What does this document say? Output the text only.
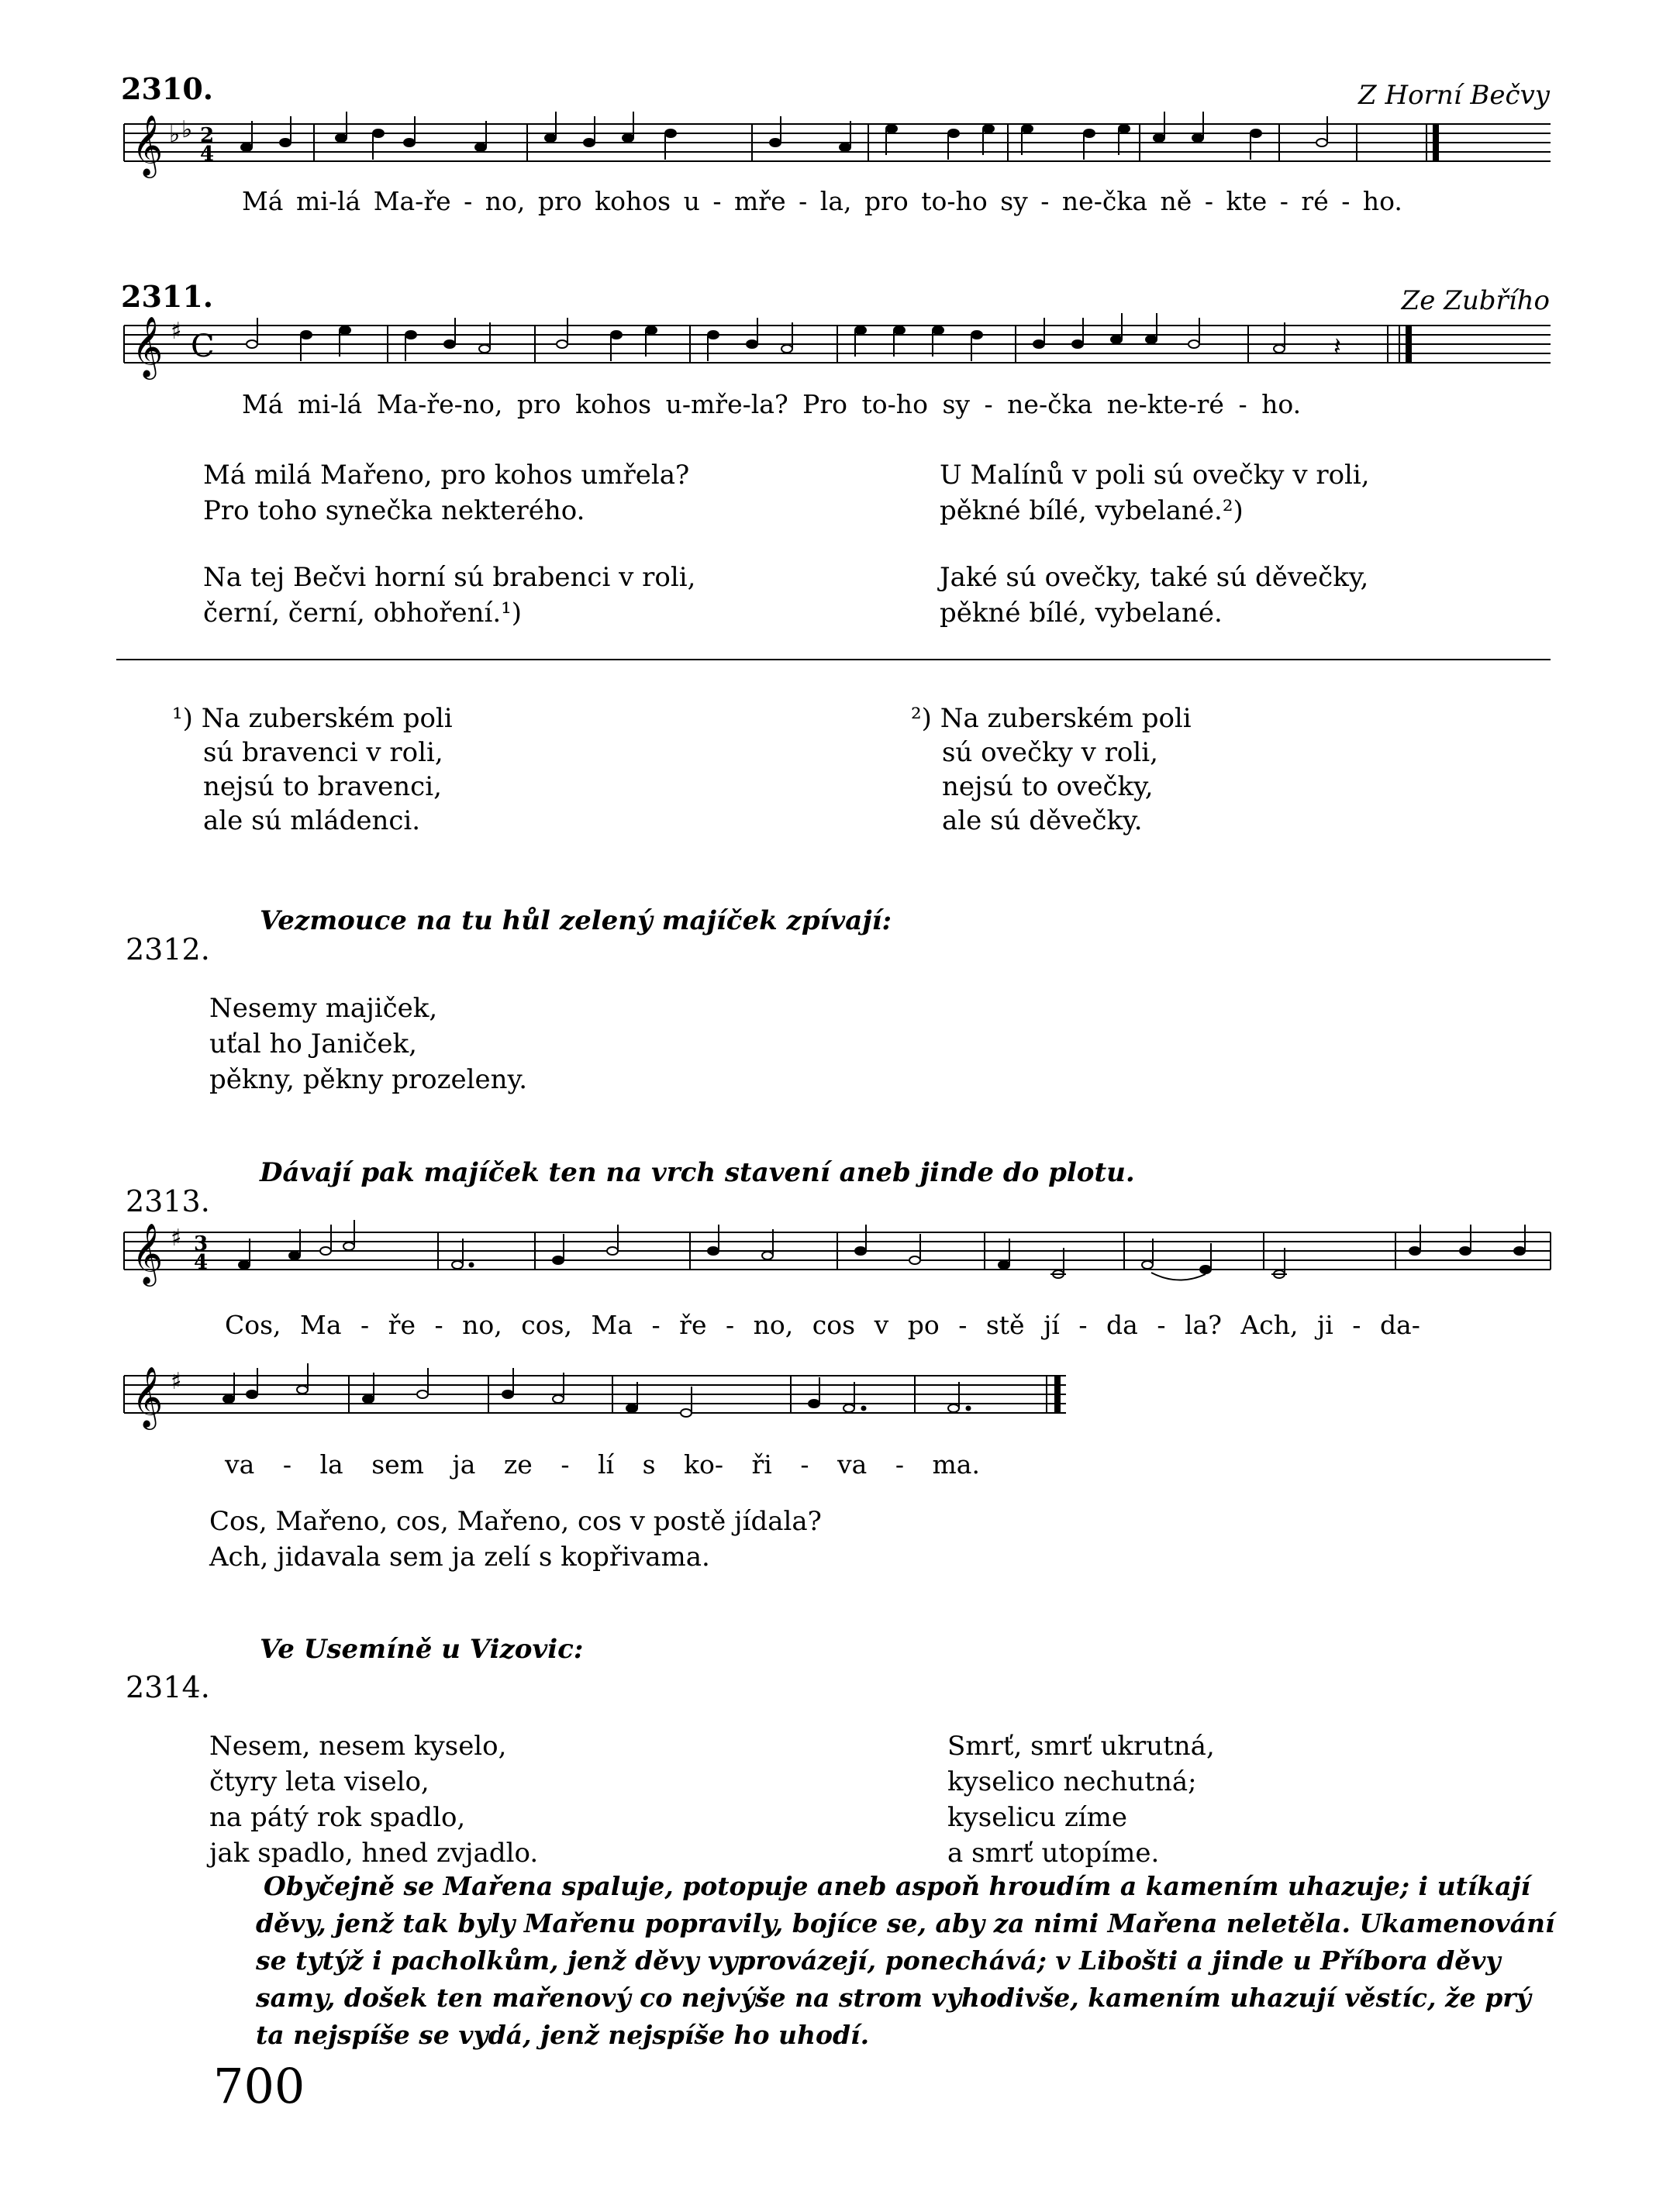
2310.	Z Horní Bečvy
𝄞 ♭ ♭ 2
4
Má mi-lá Ma-ře - no, pro kohos u - mře - la, pro to-ho sy - ne-čka ně - kte - ré - ho.
2311.	Ze Zubřího
𝄞 ♯ C	𝄽
Má mi-lá Ma-ře-no, pro kohos u-mře-la? Pro to-ho sy - ne-čka ne-kte-ré - ho.
Má milá Mařeno, pro kohos umřela?
Pro toho synečka nekterého.
Na tej Bečvi horní sú brabenci v roli,
černí, černí, obhoření.¹)
U Malínů v poli sú ovečky v roli,
pěkné bílé, vybelané.²)
Jaké sú ovečky, také sú děvečky,
pěkné bílé, vybelané.
¹) Na zuberském poli
sú bravenci v roli,
nejsú to bravenci,
ale sú mládenci.
²) Na zuberském poli
sú ovečky v roli,
nejsú to ovečky,
ale sú děvečky.
Vezmouce na tu hůl zelený majíček zpívají:
2312.
Nesemy majiček,
uťal ho Janiček,
pěkny, pěkny prozeleny.
Dávají pak majíček ten na vrch stavení aneb jinde do plotu.
2313.
𝄞 ♯ 3
4
Cos, Ma - ře - no, cos, Ma - ře - no, cos v po - stě jí - da - la? Ach, ji - da-
𝄞 ♯
va - la sem ja ze - lí s ko- ři - va - ma.
Cos, Mařeno, cos, Mařeno, cos v postě jídala?
Ach, jidavala sem ja zelí s kopřivama.
Ve Usemíně u Vizovic:
2314.
Nesem, nesem kyselo,
čtyry leta viselo,
na pátý rok spadlo,
jak spadlo, hned zvjadlo.
Smrť, smrť ukrutná,
kyselico nechutná;
kyselicu zíme
a smrť utopíme.
Obyčejně se Mařena spaluje, potopuje aneb aspoň hroudím a kamením uhazuje; i utíkají děvy, jenž tak byly Mařenu popravily, bojíce se, aby za nimi Mařena neletěla. Ukamenování se tytýž i pacholkům, jenž děvy vyprovázejí, ponechává; v Libošti a jinde u Příbora děvy samy, došek ten mařenový co nejvýše na strom vyhodivše, kamením uhazují věstíc, že prý ta nejspíše se vydá, jenž nejspíše ho uhodí.
700
